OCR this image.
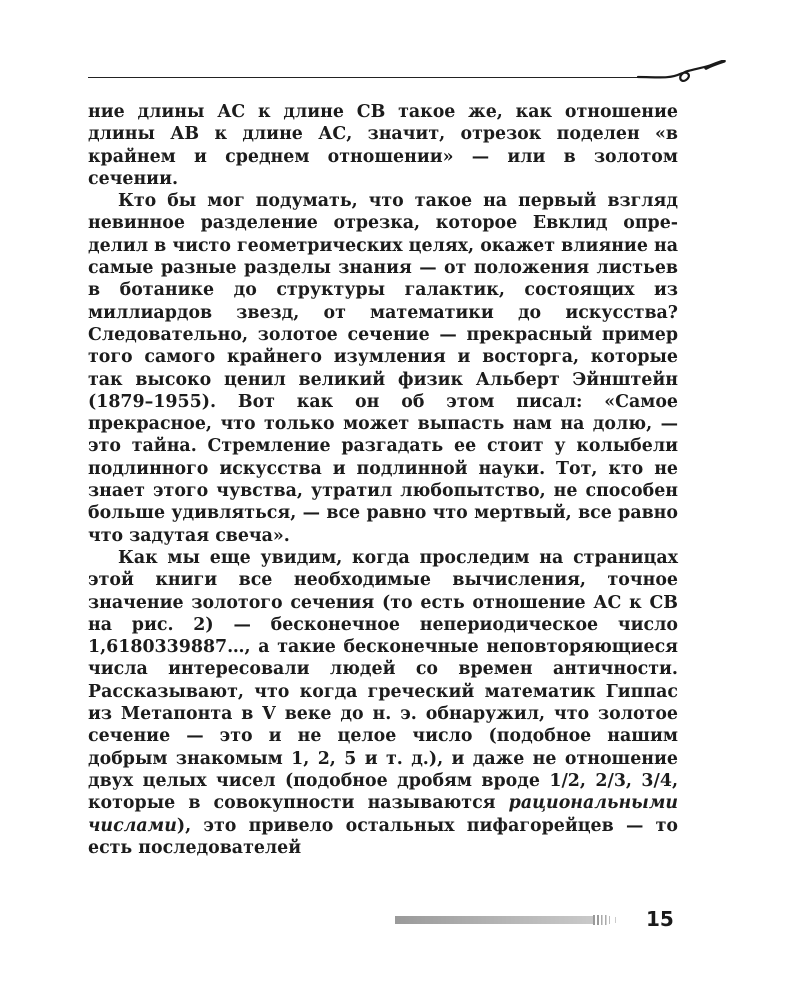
ние длины АС к длине СВ такое же, как отношение длины АВ к длине АС, значит, отрезок поделен «в крайнем и среднем отношении» — или в золотом сечении.

Кто бы мог подумать, что такое на первый взгляд невинное разделение отрезка, которое Евклид определил в чисто геометрических целях, окажет влияние на самые разные разделы знания — от положения листьев в ботанике до структуры галактик, состоящих из миллиардов звезд, от математики до искусства? Следовательно, золотое сечение — прекрасный пример того самого крайнего изумления и восторга, которые так высоко ценил великий физик Альберт Эйнштейн (1879–1955). Вот как он об этом писал: «Самое прекрасное, что только может выпасть нам на долю, — это тайна. Стремление разгадать ее стоит у колыбели подлинного искусства и подлинной науки. Тот, кто не знает этого чувства, утратил любопытство, не способен больше удивляться, — все равно что мертвый, все равно что задутая свеча».

Как мы еще увидим, когда проследим на страницах этой книги все необходимые вычисления, точное значение золотого сечения (то есть отношение АС к СВ на рис. 2) — бесконечное непериодическое число 1,6180339887…, а такие бесконечные неповторяющиеся числа интересовали людей со времен античности. Рассказывают, что когда греческий математик Гиппас из Метапонта в V веке до н. э. обнаружил, что золотое сечение — это и не целое число (подобное нашим добрым знакомым 1, 2, 5 и т. д.), и даже не отношение двух целых чисел (подобное дробям вроде 1/2, 2/3, 3/4, которые в совокупности называются рациональными числами), это привело остальных пифагорейцев — то есть последователей

15
